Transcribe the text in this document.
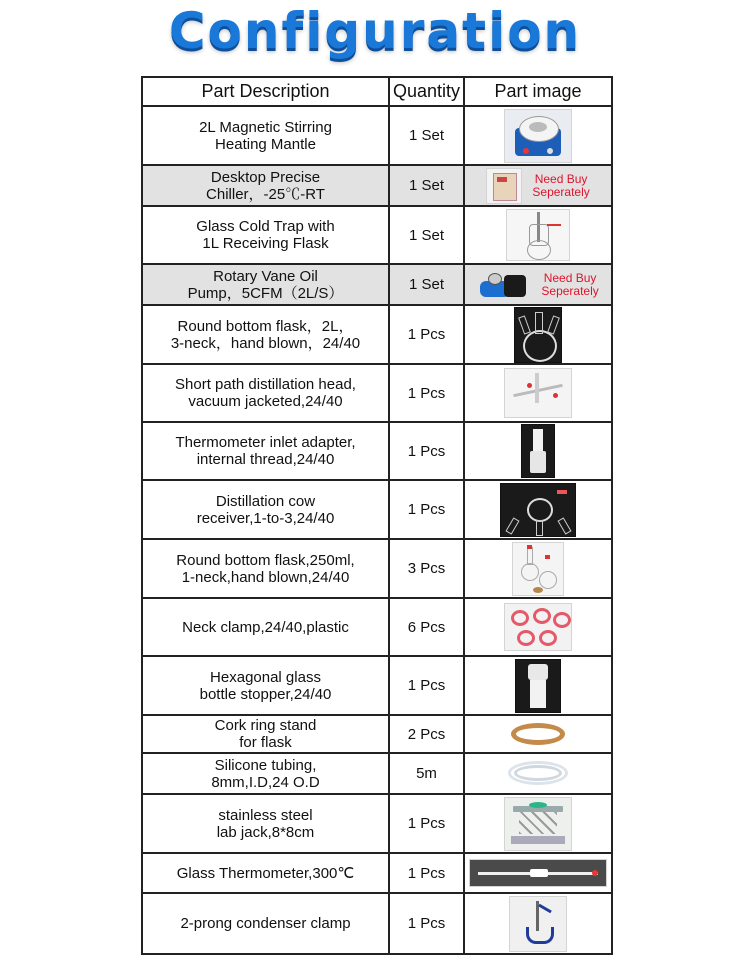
Configuration
Part Description	Quantity	Part image
2L Magnetic Stirring
Heating Mantle	1 Set	

Desktop Precise
Chiller，-25℃-RT	1 Set	Need Buy
Seperately
Glass Cold Trap with
1L Receiving Flask	1 Set	

Rotary Vane Oil
Pump，5CFM（2L/S）	1 Set	Need Buy
Seperately
Round bottom flask，2L，
3-neck，hand blown，24/40	1 Pcs	

Short path distillation head,
vacuum jacketed,24/40	1 Pcs	

Thermometer inlet adapter,
internal thread,24/40	1 Pcs	

Distillation cow
receiver,1-to-3,24/40	1 Pcs	

Round bottom flask,250ml,
1-neck,hand blown,24/40	3 Pcs	

Neck clamp,24/40,plastic	6 Pcs	

Hexagonal glass
bottle stopper,24/40	1 Pcs	

Cork ring stand
for flask	2 Pcs	

Silicone tubing,
8mm,I.D,24 O.D	5m	

stainless steel
lab jack,8*8cm	1 Pcs	

Glass Thermometer,300℃	1 Pcs	

2-prong condenser clamp	1 Pcs	
